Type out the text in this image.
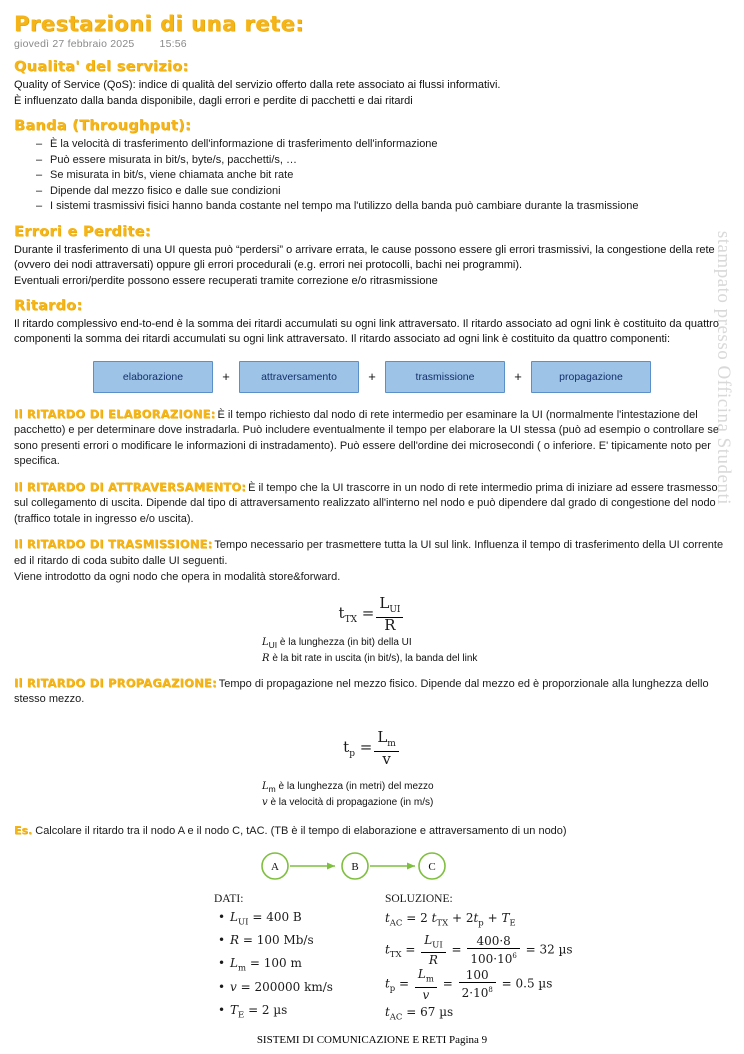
Prestazioni di una rete:
giovedì 27 febbraio 2025 15:56
Qualita' del servizio:

Quality of Service (QoS): indice di qualità del servizio offerto dalla rete associato ai flussi informativi.

È influenzato dalla banda disponibile, dagli errori e perdite di pacchetti e dai ritardi

Banda (Throughput):
– È la velocità di trasferimento dell'informazione di trasferimento dell'informazione
– Può essere misurata in bit/s, byte/s, pacchetti/s, …
– Se misurata in bit/s, viene chiamata anche bit rate
– Dipende dal mezzo fisico e dalle sue condizioni
– I sistemi trasmissivi fisici hanno banda costante nel tempo ma l'utilizzo della banda può cambiare durante la trasmissione
Errori e Perdite:

Durante il trasferimento di una UI questa può “perdersi” o arrivare errata, le cause possono essere gli errori trasmissivi, la congestione della rete (ovvero dei nodi attraversati) oppure gli errori procedurali (e.g. errori nei protocolli, bachi nei programmi).

Eventuali errori/perdite possono essere recuperati tramite correzione e/o ritrasmissione

Ritardo:

Il ritardo complessivo end-to-end è la somma dei ritardi accumulati su ogni link attraversato. Il ritardo associato ad ogni link è costituito da quattro componenti la somma dei ritardi accumulati su ogni link attraversato. Il ritardo associato ad ogni link è costituito da quattro componenti:

elaborazione	+	attraversamento	+	trasmissione	+	propagazione
Il RITARDO DI ELABORAZIONE: È il tempo richiesto dal nodo di rete intermedio per esaminare la UI (normalmente l'intestazione del pacchetto) e per determinare dove instradarla. Può includere eventualmente il tempo per elaborare la UI stessa (può ad esempio o controllare se sono presenti errori o modificare le informazioni di instradamento). Può essere dell'ordine dei microsecondi ( o inferiore. E' tipicamente noto per specifica.
Il RITARDO DI ATTRAVERSAMENTO: È il tempo che la UI trascorre in un nodo di rete intermedio prima di iniziare ad essere trasmesso sul collegamento di uscita. Dipende dal tipo di attraversamento realizzato all'interno nel nodo e può dipendere dal grado di congestione del nodo (traffico totale in ingresso e/o uscita).
Il RITARDO DI TRASMISSIONE: Tempo necessario per trasmettere tutta la UI sul link. Influenza il tempo di trasferimento della UI corrente ed il ritardo di coda subito dalle UI seguenti.
Viene introdotto da ogni nodo che opera in modalità store&forward.
$t_{TX} = \frac{L_{UI}}{R}$
$L_{UI}$ è la lunghezza (in bit) della UI
R è la bit rate in uscita (in bit/s), la banda del link
Il RITARDO DI PROPAGAZIONE: Tempo di propagazione nel mezzo fisico. Dipende dal mezzo ed è proporzionale alla lunghezza dello stesso mezzo.
$t_p = \frac{L_m}{v}$
$L_m$ è la lunghezza (in metri) del mezzo
v è la velocità di propagazione (in m/s)
Es. Calcolare il ritardo tra il nodo A e il nodo C, tAC. (TB è il tempo di elaborazione e attraversamento di un nodo)
A	B	C
DATI:
• $L_{UI} = 400$ B
• R = 100 Mb/s
• $L_m = 100$ m
• v = 200000 km/s
• $T_E = 2$ µs
SOLUZIONE:
$t_{AC} = 2$ $t_{TX} + 2t_p + T_E$
$t_{TX} = \frac{L_{UI}}{R} = \frac{400\cdot 8}{100\cdot 10^6} = 32$ µs
$t_p = \frac{L_m}{v} = \frac{100}{2\cdot 10^8} = 0.5$ µs
$t_{AC} = 67$ µs
stampato presso Officina Studenti
SISTEMI DI COMUNICAZIONE E RETI Pagina 9
